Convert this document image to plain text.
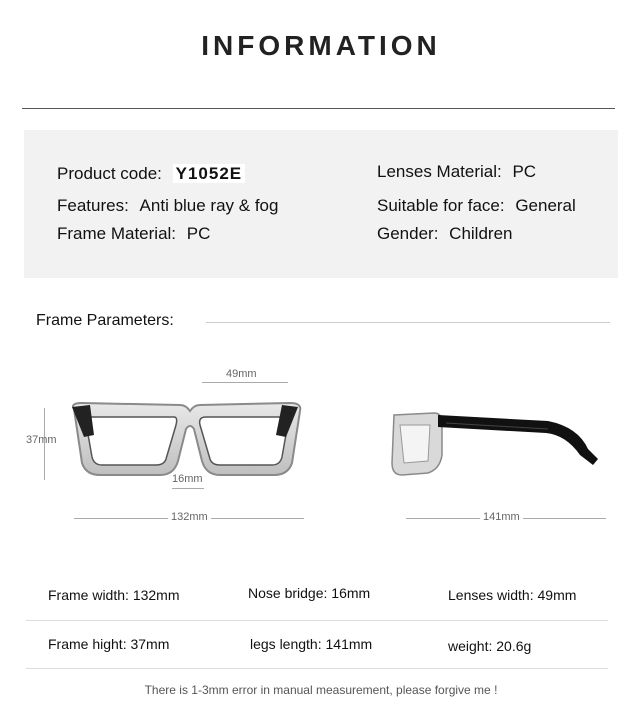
INFORMATION
Product code: Y1052E
Features: Anti blue ray & fog
Frame Material: PC
Lenses Material: PC
Suitable for face: General
Gender: Children
Frame Parameters:
49mm
37mm
16mm
132mm	141mm
Frame width: 132mm	Nose bridge: 16mm	Lenses width: 49mm
Frame hight: 37mm	legs length: 141mm	weight: 20.6g
There is 1-3mm error in manual measurement, please forgive me !
